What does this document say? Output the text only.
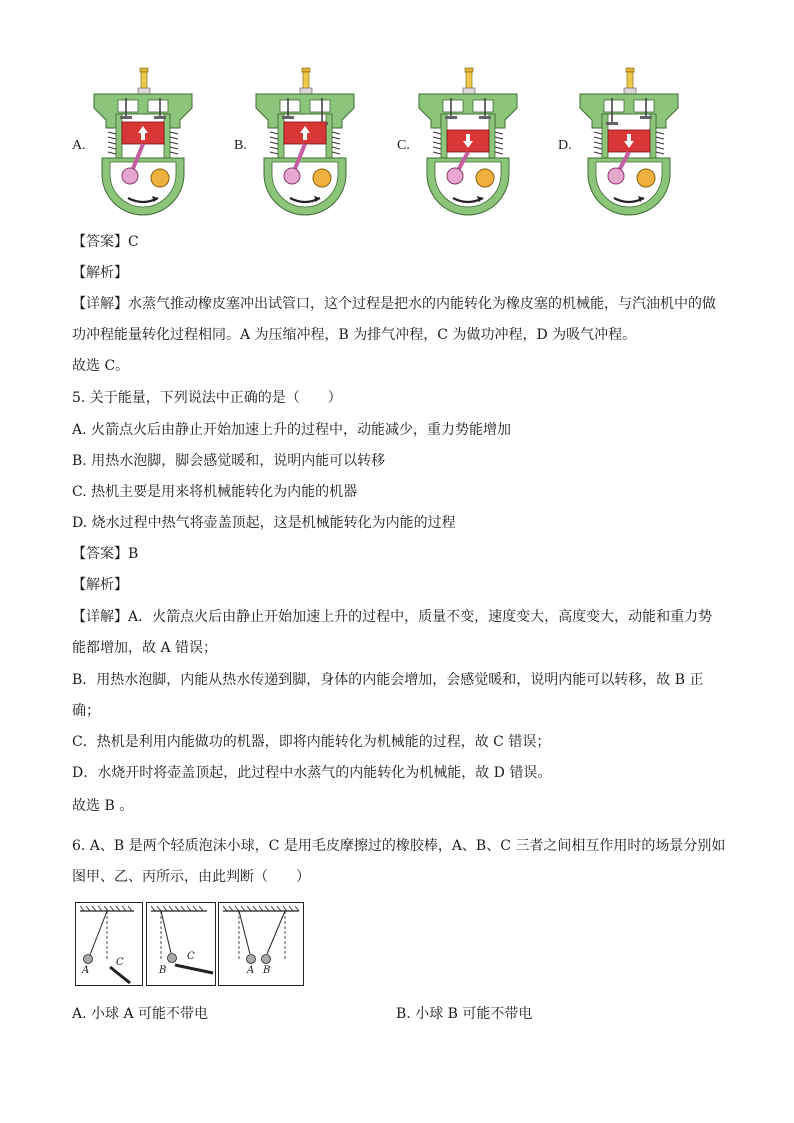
A.	B.	C.	D.
【答案】C
【解析】
【详解】水蒸气推动橡皮塞冲出试管口，这个过程是把水的内能转化为橡皮塞的机械能，与汽油机中的做
功冲程能量转化过程相同。A 为压缩冲程，B 为排气冲程，C 为做功冲程，D 为吸气冲程。
故选 C。
5. 关于能量，下列说法中正确的是（　　）
A. 火箭点火后由静止开始加速上升的过程中，动能减少，重力势能增加
B. 用热水泡脚，脚会感觉暖和，说明内能可以转移
C. 热机主要是用来将机械能转化为内能的机器
D. 烧水过程中热气将壶盖顶起，这是机械能转化为内能的过程
【答案】B
【解析】
【详解】A．火箭点火后由静止开始加速上升的过程中，质量不变，速度变大，高度变大，动能和重力势
能都增加，故 A 错误；
B．用热水泡脚，内能从热水传递到脚，身体的内能会增加，会感觉暖和，说明内能可以转移，故 B 正
确；
C．热机是利用内能做功的机器，即将内能转化为机械能的过程，故 C 错误；
D．水烧开时将壶盖顶起，此过程中水蒸气的内能转化为机械能，故 D 错误。
故选 B 。
6. A、B 是两个轻质泡沫小球，C 是用毛皮摩擦过的橡胶棒，A、B、C 三者之间相互作用时的场景分别如
图甲、乙、丙所示，由此判断（　　）
A
C
B
C
A B
A. 小球 A 可能不带电	B. 小球 B 可能不带电
